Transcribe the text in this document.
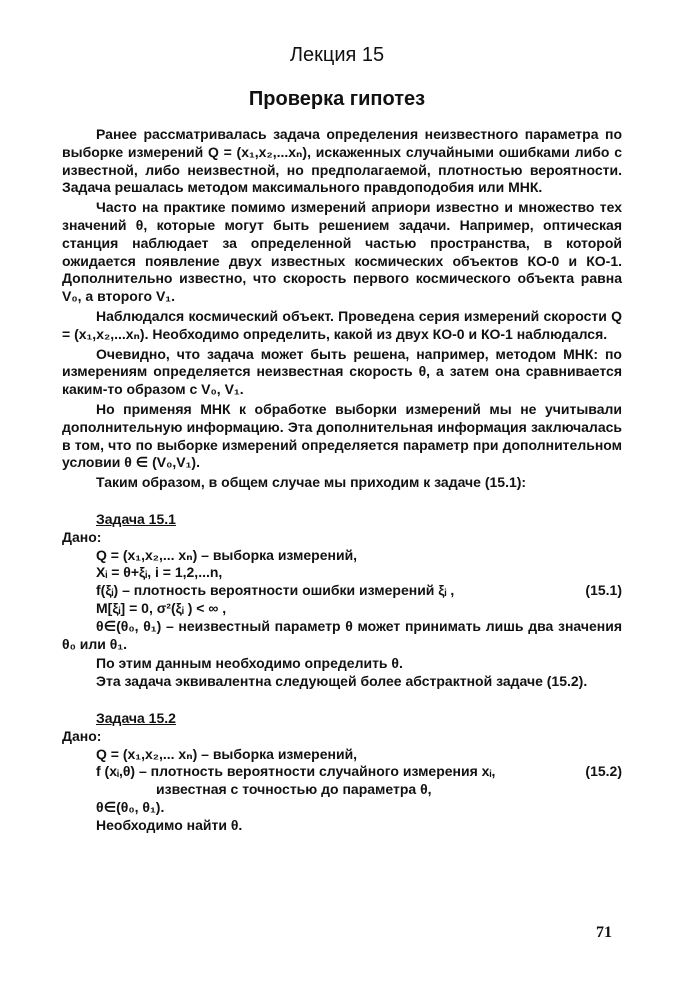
Лекция 15
Проверка гипотез

Ранее рассматривалась задача определения неизвестного параметра по выборке измерений Q = (x₁,x₂,...xₙ), искаженных случайными ошибками либо с известной, либо неизвестной, но предполагаемой, плотностью вероятности. Задача решалась методом максимального правдоподобия или МНК.

Часто на практике помимо измерений априори известно и множество тех значений θ, которые могут быть решением задачи. Например, оптическая станция наблюдает за определенной частью пространства, в которой ожидается появление двух известных космических объектов КО-0 и КО-1. Дополнительно известно, что скорость первого космического объекта равна V₀, а второго V₁.

Наблюдался космический объект. Проведена серия измерений скорости Q = (x₁,x₂,...xₙ). Необходимо определить, какой из двух КО-0 и КО-1 наблюдался.

Очевидно, что задача может быть решена, например, методом МНК: по измерениям определяется неизвестная скорость θ, а затем она сравнивается каким-то образом с V₀, V₁.

Но применяя МНК к обработке выборки измерений мы не учитывали дополнительную информацию. Эта дополнительная информация заключалась в том, что по выборке измерений определяется параметр при дополнительном условии θ ∈ (V₀,V₁).

Таким образом, в общем случае мы приходим к задаче (15.1):

Задача 15.1
Дано:
Q = (x₁,x₂,... xₙ) – выборка измерений,
Xᵢ = θ+ξᵢ, i = 1,2,...n,
f(ξᵢ) – плотность вероятности ошибки измерений ξᵢ ,	(15.1)
M[ξᵢ] = 0, σ²(ξᵢ ) < ∞ ,

θ∈(θ₀, θ₁) – неизвестный параметр θ может принимать лишь два значения θ₀ или θ₁.

По этим данным необходимо определить θ.
Эта задача эквивалентна следующей более абстрактной задаче (15.2).
Задача 15.2
Дано:
Q = (x₁,x₂,... xₙ) – выборка измерений,
f (xᵢ,θ) – плотность вероятности случайного измерения xᵢ,	(15.2)
известная с точностью до параметра θ,
θ∈(θ₀, θ₁).
Необходимо найти θ.
71
